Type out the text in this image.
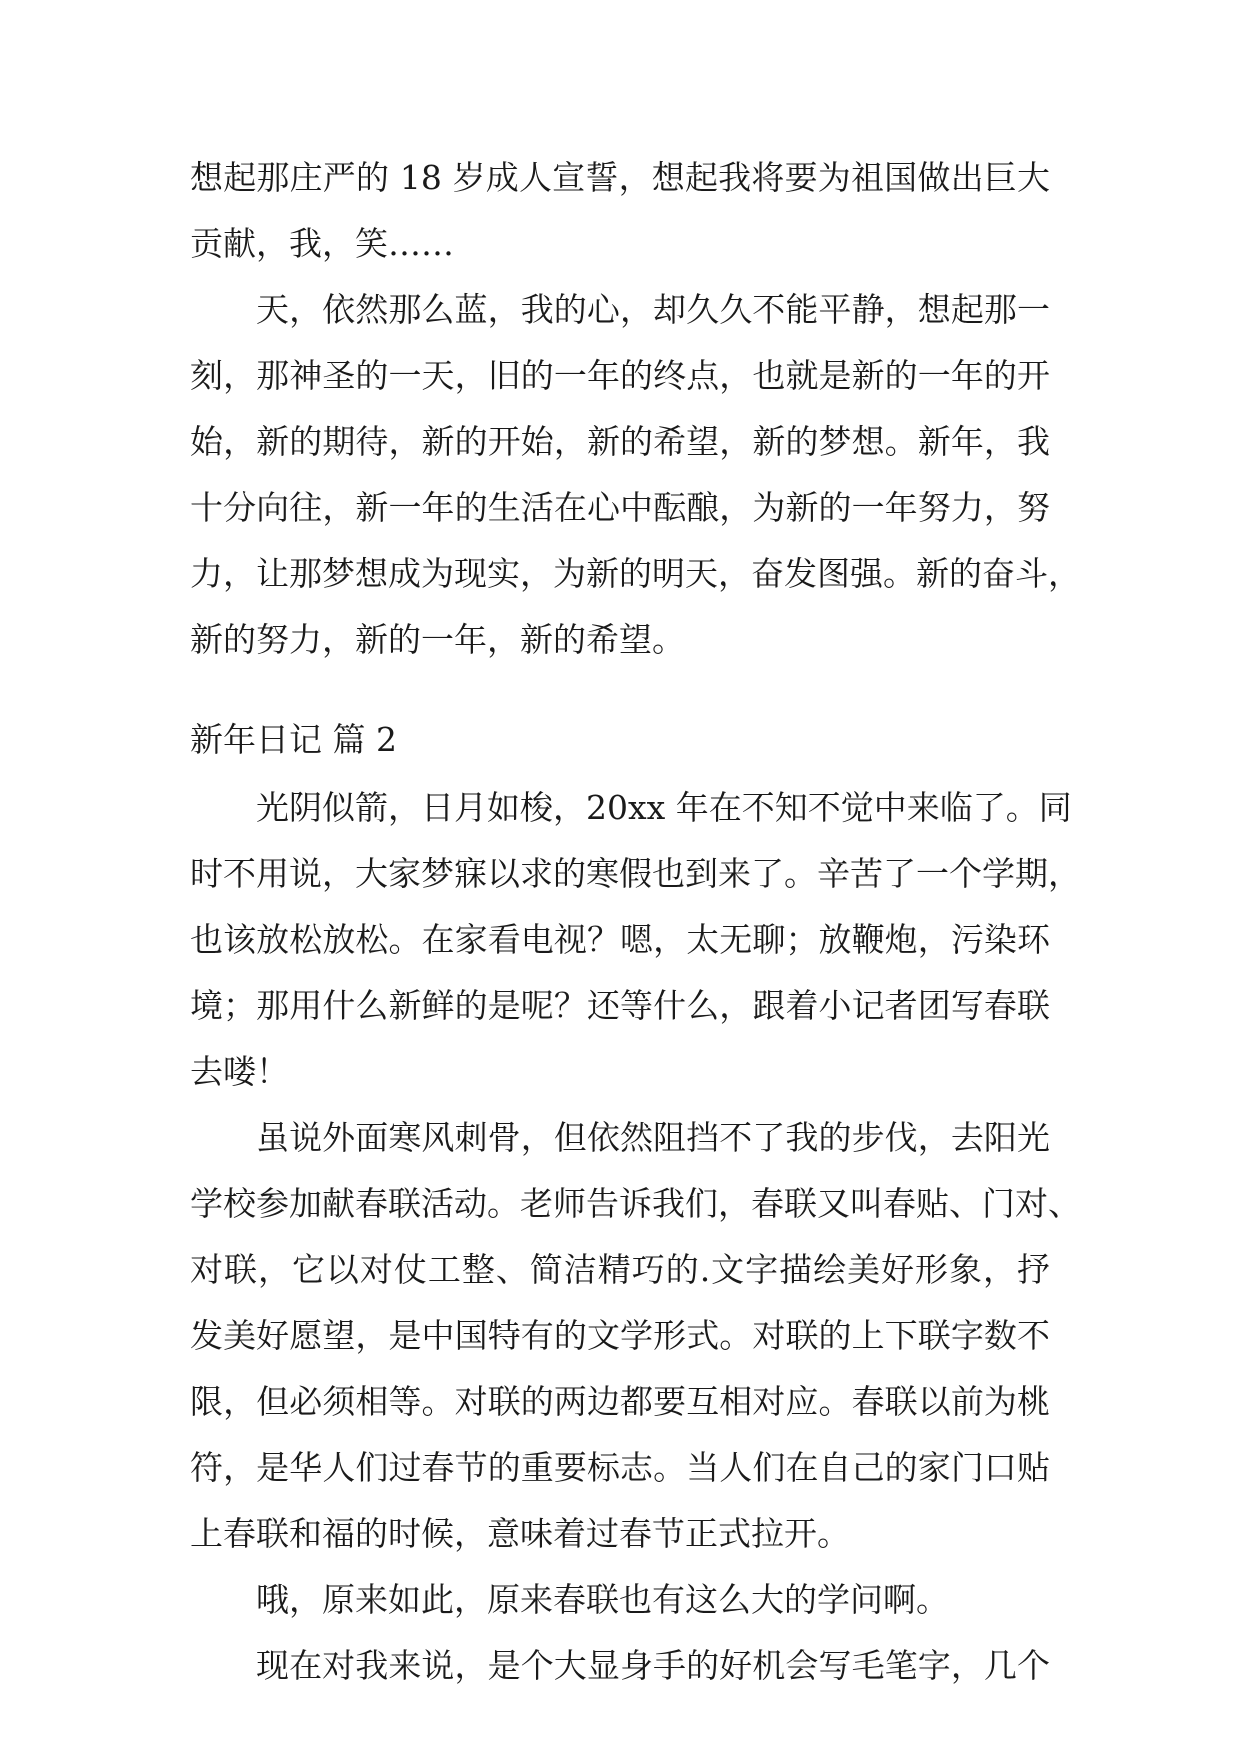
想起那庄严的 18 岁成人宣誓，想起我将要为祖国做出巨大
贡献，我，笑……
天，依然那么蓝，我的心，却久久不能平静，想起那一
刻，那神圣的一天，旧的一年的终点，也就是新的一年的开
始，新的期待，新的开始，新的希望，新的梦想。新年，我
十分向往，新一年的生活在心中酝酿，为新的一年努力，努
力，让那梦想成为现实，为新的明天，奋发图强。新的奋斗，
新的努力，新的一年，新的希望。
新年日记 篇 2
光阴似箭，日月如梭，20xx 年在不知不觉中来临了。同
时不用说，大家梦寐以求的寒假也到来了。辛苦了一个学期，
也该放松放松。在家看电视？嗯，太无聊；放鞭炮，污染环
境；那用什么新鲜的是呢？还等什么，跟着小记者团写春联
去喽！
虽说外面寒风刺骨，但依然阻挡不了我的步伐，去阳光
学校参加献春联活动。老师告诉我们，春联又叫春贴、门对、
对联，它以对仗工整、简洁精巧的.文字描绘美好形象，抒
发美好愿望，是中国特有的文学形式。对联的上下联字数不
限，但必须相等。对联的两边都要互相对应。春联以前为桃
符，是华人们过春节的重要标志。当人们在自己的家门口贴
上春联和福的时候，意味着过春节正式拉开。
哦，原来如此，原来春联也有这么大的学问啊。
现在对我来说，是个大显身手的好机会写毛笔字，几个
